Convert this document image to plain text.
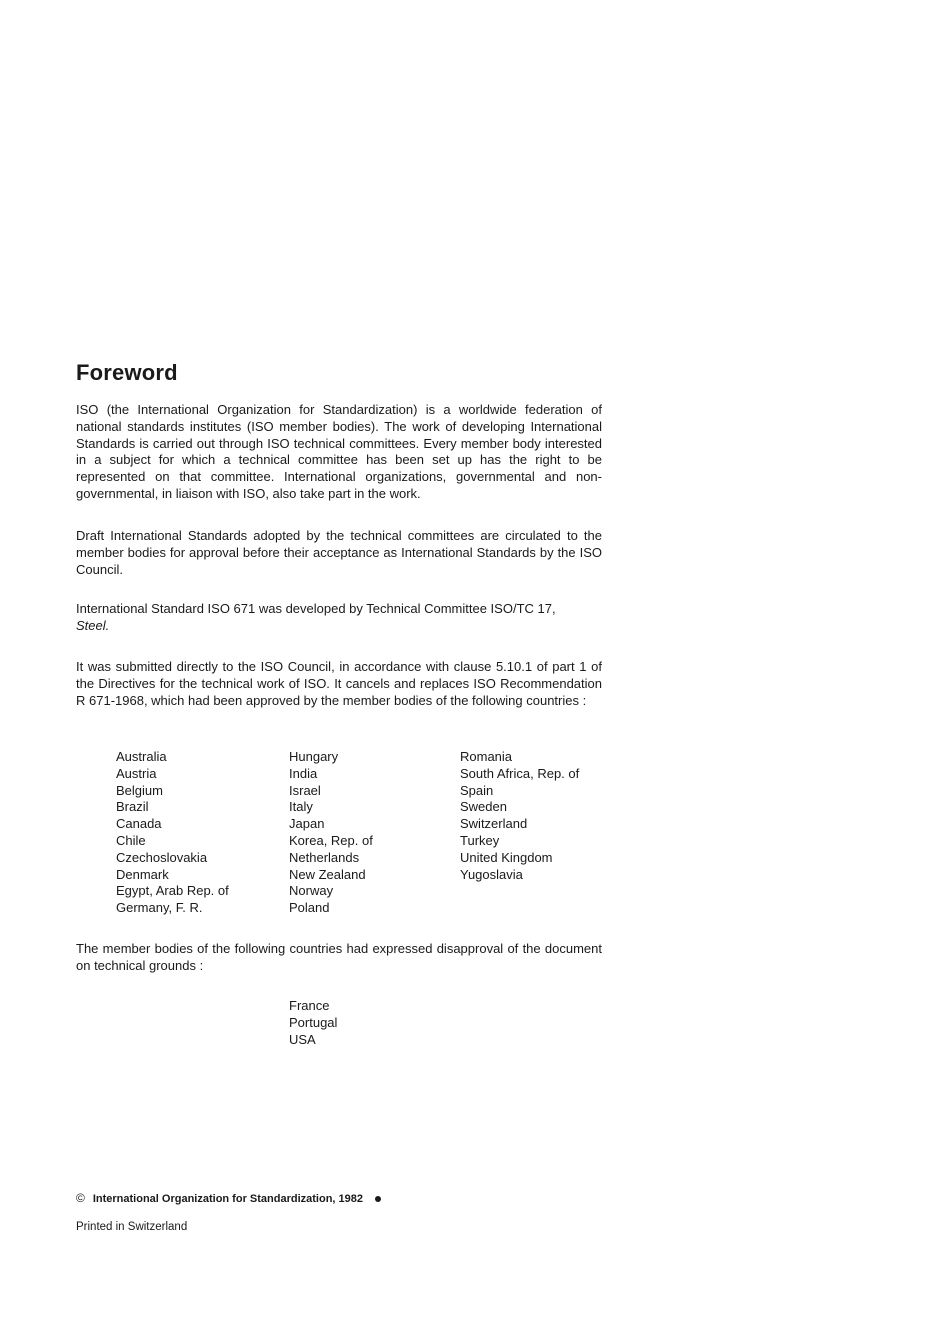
Foreword

ISO (the International Organization for Standardization) is a worldwide federation of national standards institutes (ISO member bodies). The work of developing International Standards is carried out through ISO technical committees. Every member body interested in a subject for which a technical committee has been set up has the right to be represented on that committee. International organizations, governmental and non-governmental, in liaison with ISO, also take part in the work.

Draft International Standards adopted by the technical committees are circulated to the member bodies for approval before their acceptance as International Standards by the ISO Council.

International Standard ISO 671 was developed by Technical Committee ISO/TC 17,
Steel.

It was submitted directly to the ISO Council, in accordance with clause 5.10.1 of part 1 of the Directives for the technical work of ISO. It cancels and replaces ISO Recommendation R 671-1968, which had been approved by the member bodies of the following countries :

Australia
Austria
Belgium
Brazil
Canada
Chile
Czechoslovakia
Denmark
Egypt, Arab Rep. of
Germany, F. R.
Hungary
India
Israel
Italy
Japan
Korea, Rep. of
Netherlands
New Zealand
Norway
Poland
Romania
South Africa, Rep. of
Spain
Sweden
Switzerland
Turkey
United Kingdom
Yugoslavia

The member bodies of the following countries had expressed disapproval of the document on technical grounds :

France
Portugal
USA

© International Organization for Standardization, 1982

Printed in Switzerland
